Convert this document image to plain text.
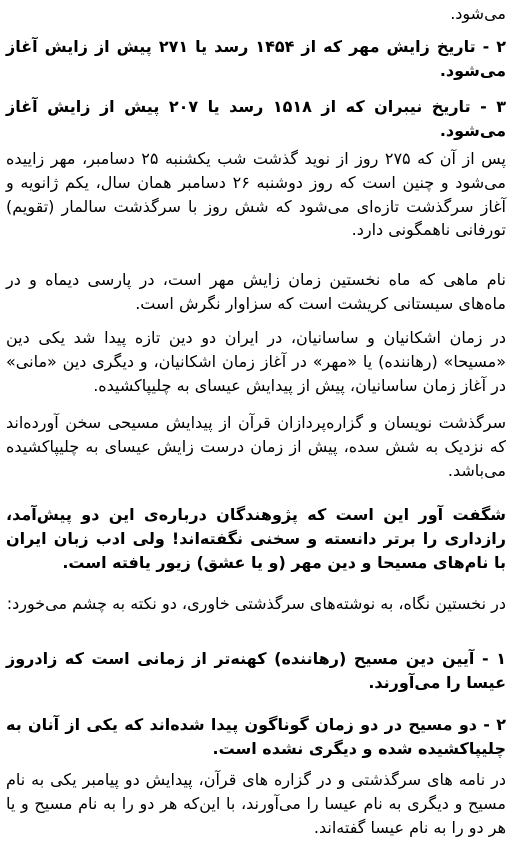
می‌شود.

۲ - تاریخ زایش مهر که از ۱۴۵۴ رسد یا ۲۷۱ پیش از زایش آغاز می‌شود.

۳ - تاریخ نیبران که از ۱۵۱۸ رسد یا ۲۰۷ پیش از زایش آغاز می‌شود.

پس از آن که ۲۷۵ روز از نوید گذشت شب یکشنبه ۲۵ دسامبر، مهر زاییده می‌شود و چنین است که روز دوشنبه ۲۶ دسامبر همان سال، یکم ژانویه و آغاز سرگذشت تازه‌ای می‌شود که شش روز با سرگذشت سالمار (تقویم) تورفانی ناهمگونی دارد.

نام ماهی که ماه نخستین زمان زایش مهر است، در پارسی دیماه و در ماه‌های سیستانی کریشت است که سزاوار نگرش است.

در زمان اشکانیان و ساسانیان، در ایران دو دین تازه پیدا شد یکی دین «مسیحا» (رهاننده) یا «مهر» در آغاز زمان اشکانیان، و دیگری دین «مانی» در آغاز زمان ساسانیان، پیش از پیدایش عیسای به چلیپاکشیده.

سرگذشت نویسان و گزاره‌پردازان قرآن از پیدایش مسیحی سخن آورده‌اند که نزدیک به شش سده، پیش از زمان درست زایش عیسای به چلیپاکشیده می‌باشد.

شگفت آور این است که پژوهندگان درباره‌ی این دو پیش‌آمد، رازداری را برتر دانسته و سخنی نگفته‌اند! ولی ادب زبان ایران با نام‌های مسیحا و دین مهر (و یا عشق) زیور یافته است.

در نخستین نگاه، به نوشته‌های سرگذشتی خاوری، دو نکته به چشم می‌خورد:

۱ - آیین دین مسیح (رهاننده) کهنه‌تر از زمانی است که زادروز عیسا را می‌آورند.

۲ - دو مسیح در دو زمان گوناگون پیدا شده‌اند که یکی از آنان به چلیپاکشیده شده و دیگری نشده است.

در نامه های سرگذشتی و در گزاره های قرآن، پیدایش دو پیامبر یکی به نام مسیح و دیگری به نام عیسا را می‌آورند، با این‌که هر دو را به نام مسیح و یا هر دو را به نام عیسا گفته‌اند.
